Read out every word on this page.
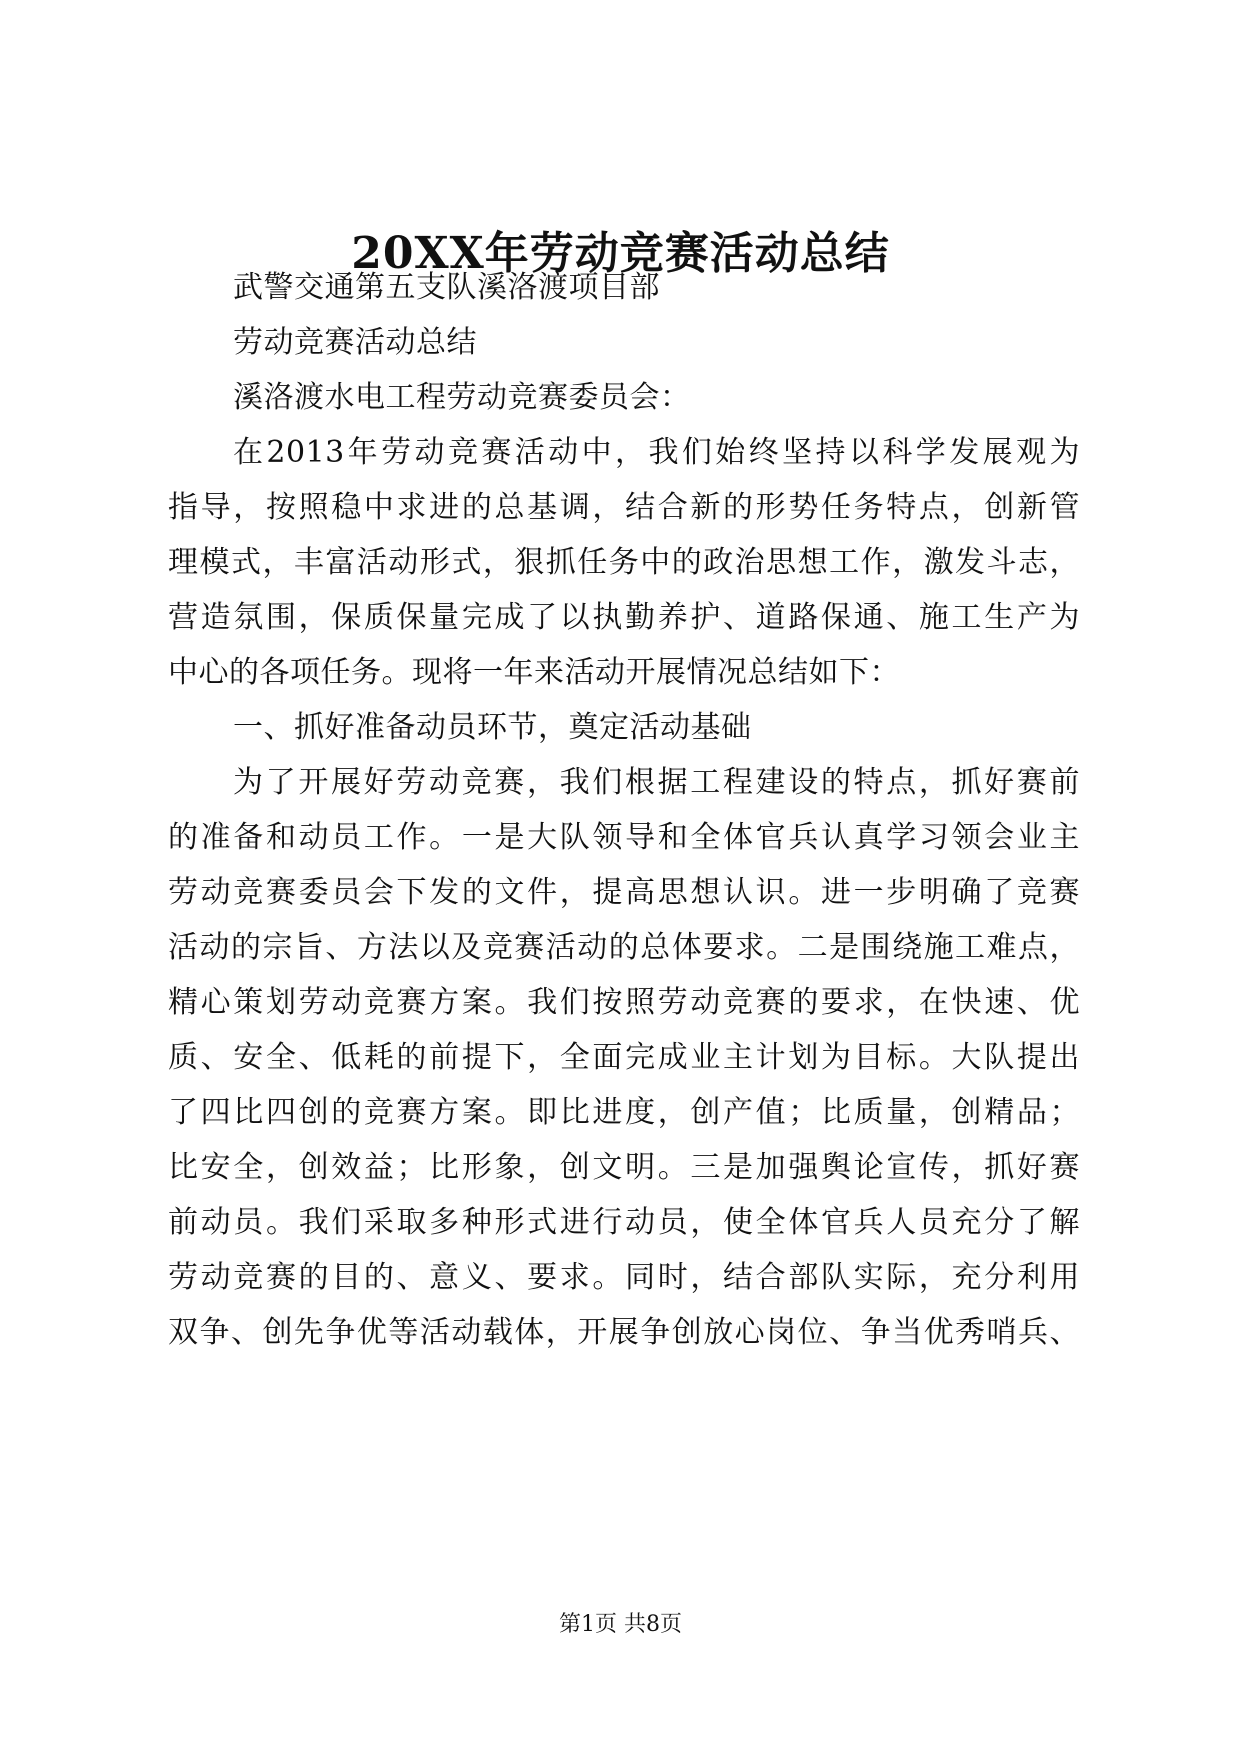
20XX年劳动竞赛活动总结

武警交通第五支队溪洛渡项目部

劳动竞赛活动总结

溪洛渡水电工程劳动竞赛委员会：

在2013年劳动竞赛活动中，我们始终坚持以科学发展观为

指导，按照稳中求进的总基调，结合新的形势任务特点，创新管

理模式，丰富活动形式，狠抓任务中的政治思想工作，激发斗志，

营造氛围，保质保量完成了以执勤养护、道路保通、施工生产为

中心的各项任务。现将一年来活动开展情况总结如下：

一、抓好准备动员环节，奠定活动基础

为了开展好劳动竞赛，我们根据工程建设的特点，抓好赛前

的准备和动员工作。一是大队领导和全体官兵认真学习领会业主

劳动竞赛委员会下发的文件，提高思想认识。进一步明确了竞赛

活动的宗旨、方法以及竞赛活动的总体要求。二是围绕施工难点，

精心策划劳动竞赛方案。我们按照劳动竞赛的要求，在快速、优

质、安全、低耗的前提下，全面完成业主计划为目标。大队提出

了四比四创的竞赛方案。即比进度，创产值；比质量，创精品；

比安全，创效益；比形象，创文明。三是加强舆论宣传，抓好赛

前动员。我们采取多种形式进行动员，使全体官兵人员充分了解

劳动竞赛的目的、意义、要求。同时，结合部队实际，充分利用

双争、创先争优等活动载体，开展争创放心岗位、争当优秀哨兵、

第1页 共8页
